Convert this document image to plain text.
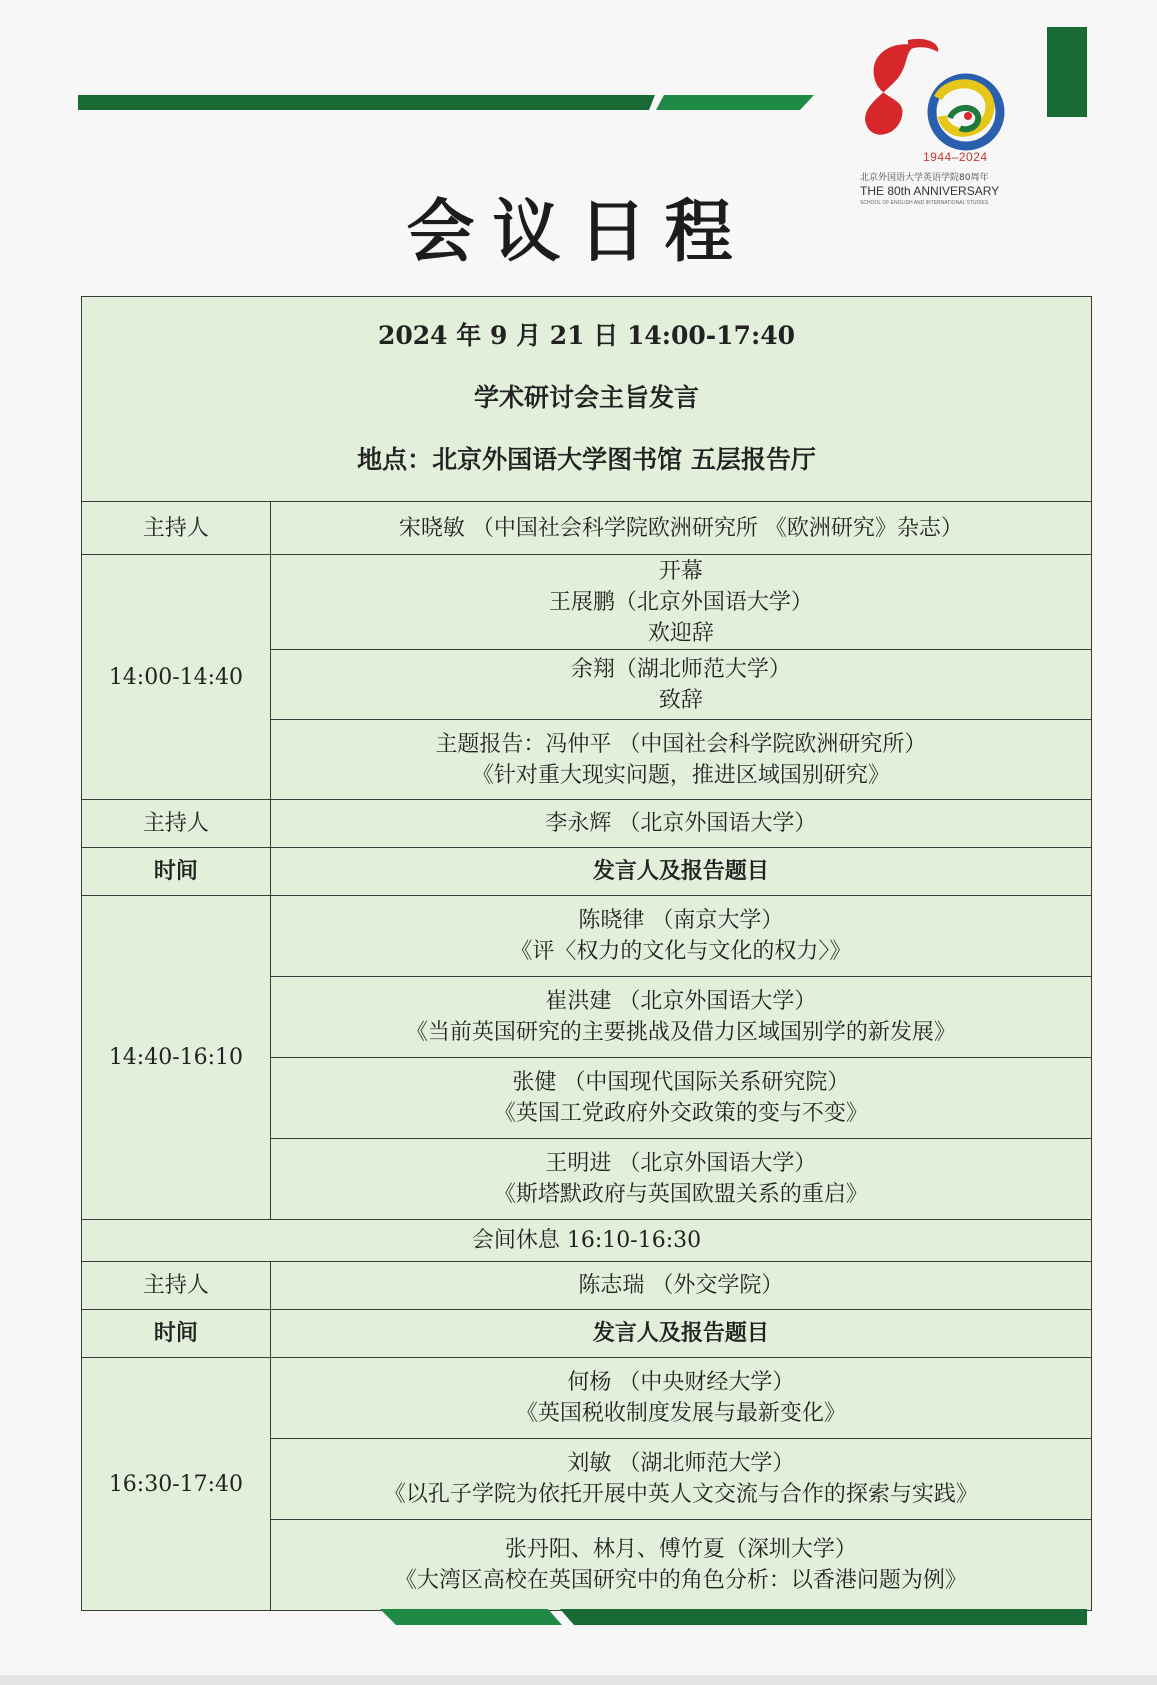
1944–2024
北京外国语大学英语学院80周年
THE 80th ANNIVERSARY
SCHOOL OF ENGLISH AND INTERNATIONAL STUDIES
会议日程
2024 年 9 月 21 日 14:00-17:40
学术研讨会主旨发言
地点：北京外国语大学图书馆 五层报告厅	

主持人	宋晓敏 （中国社会科学院欧洲研究所 《欧洲研究》杂志）
14:00-14:40	开幕
王展鹏（北京外国语大学）
欢迎辞

	余翔（湖北师范大学）
致辞

	主题报告：冯仲平 （中国社会科学院欧洲研究所）
《针对重大现实问题，推进区域国别研究》

主持人	李永辉 （北京外国语大学）
时间	发言人及报告题目
14:40-16:10	陈晓律 （南京大学）
《评〈权力的文化与文化的权力〉》

	崔洪建 （北京外国语大学）
《当前英国研究的主要挑战及借力区域国别学的新发展》

	张健 （中国现代国际关系研究院）
《英国工党政府外交政策的变与不变》

	王明进 （北京外国语大学）
《斯塔默政府与英国欧盟关系的重启》

会间休息 16:10-16:30	
主持人	陈志瑞 （外交学院）
时间	发言人及报告题目
16:30-17:40	何杨 （中央财经大学）
《英国税收制度发展与最新变化》

	刘敏 （湖北师范大学）
《以孔子学院为依托开展中英人文交流与合作的探索与实践》

	张丹阳、林月、傅竹夏（深圳大学）
《大湾区高校在英国研究中的角色分析：以香港问题为例》
